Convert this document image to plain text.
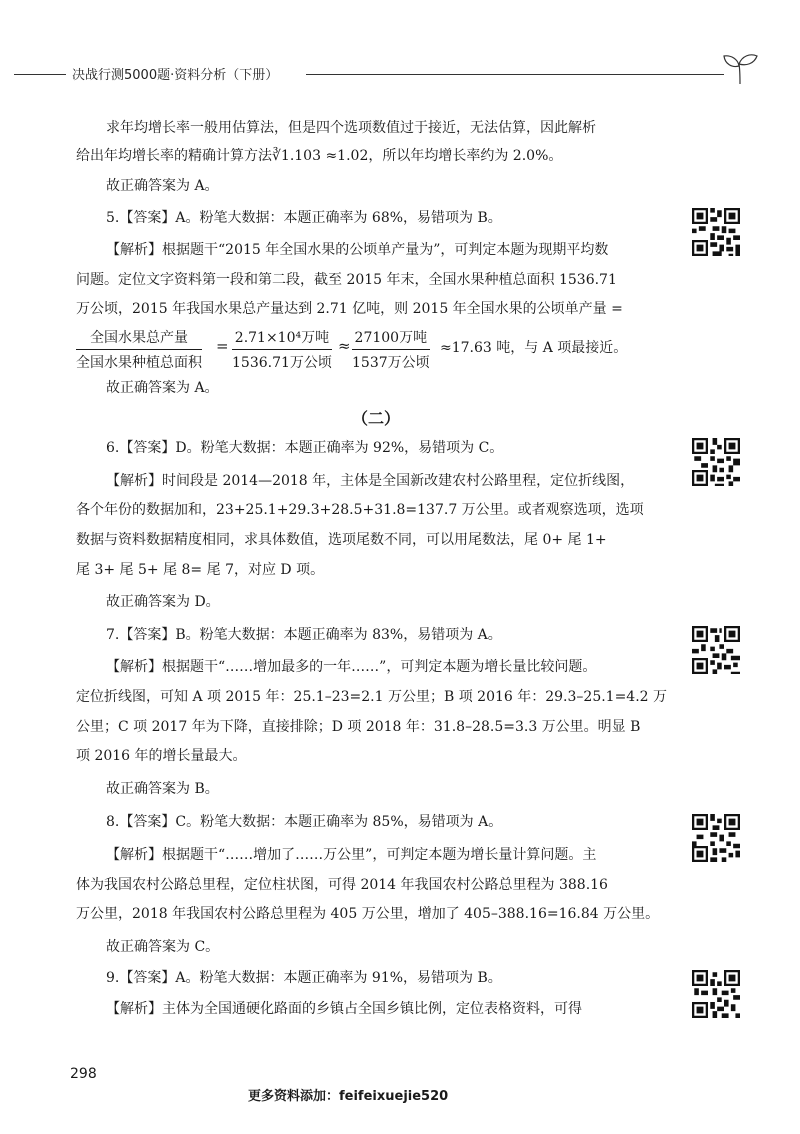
决战行测5000题·资料分析（下册）
求年均增长率一般用估算法，但是四个选项数值过于接近，无法估算，因此解析
给出年均增长率的精确计算方法∛1.103 ≈1.02，所以年均增长率约为 2.0%。
故正确答案为 A。
5.【答案】A。粉笔大数据：本题正确率为 68%，易错项为 B。
【解析】根据题干“2015 年全国水果的公顷单产量为”，可判定本题为现期平均数
问题。定位文字资料第一段和第二段，截至 2015 年末，全国水果种植总面积 1536.71
万公顷，2015 年我国水果总产量达到 2.71 亿吨，则 2015 年全国水果的公顷单产量 =
全国水果总产量
全国水果种植总面积
= 2.71×10⁴万吨
1536.71万公顷
≈ 27100万吨
1537万公顷
≈17.63 吨，与 A 项最接近。
故正确答案为 A。
（二）
6.【答案】D。粉笔大数据：本题正确率为 92%，易错项为 C。
【解析】时间段是 2014—2018 年，主体是全国新改建农村公路里程，定位折线图，
各个年份的数据加和，23+25.1+29.3+28.5+31.8=137.7 万公里。或者观察选项，选项
数据与资料数据精度相同，求具体数值，选项尾数不同，可以用尾数法，尾 0+ 尾 1+
尾 3+ 尾 5+ 尾 8= 尾 7，对应 D 项。
故正确答案为 D。
7.【答案】B。粉笔大数据：本题正确率为 83%，易错项为 A。
【解析】根据题干“……增加最多的一年……”，可判定本题为增长量比较问题。
定位折线图，可知 A 项 2015 年：25.1–23=2.1 万公里；B 项 2016 年：29.3–25.1=4.2 万
公里；C 项 2017 年为下降，直接排除；D 项 2018 年：31.8–28.5=3.3 万公里。明显 B
项 2016 年的增长量最大。
故正确答案为 B。
8.【答案】C。粉笔大数据：本题正确率为 85%，易错项为 A。
【解析】根据题干“……增加了……万公里”，可判定本题为增长量计算问题。主
体为我国农村公路总里程，定位柱状图，可得 2014 年我国农村公路总里程为 388.16
万公里，2018 年我国农村公路总里程为 405 万公里，增加了 405–388.16=16.84 万公里。
故正确答案为 C。
9.【答案】A。粉笔大数据：本题正确率为 91%，易错项为 B。
【解析】主体为全国通硬化路面的乡镇占全国乡镇比例，定位表格资料，可得
298
更多资料添加：feifeixuejie520
